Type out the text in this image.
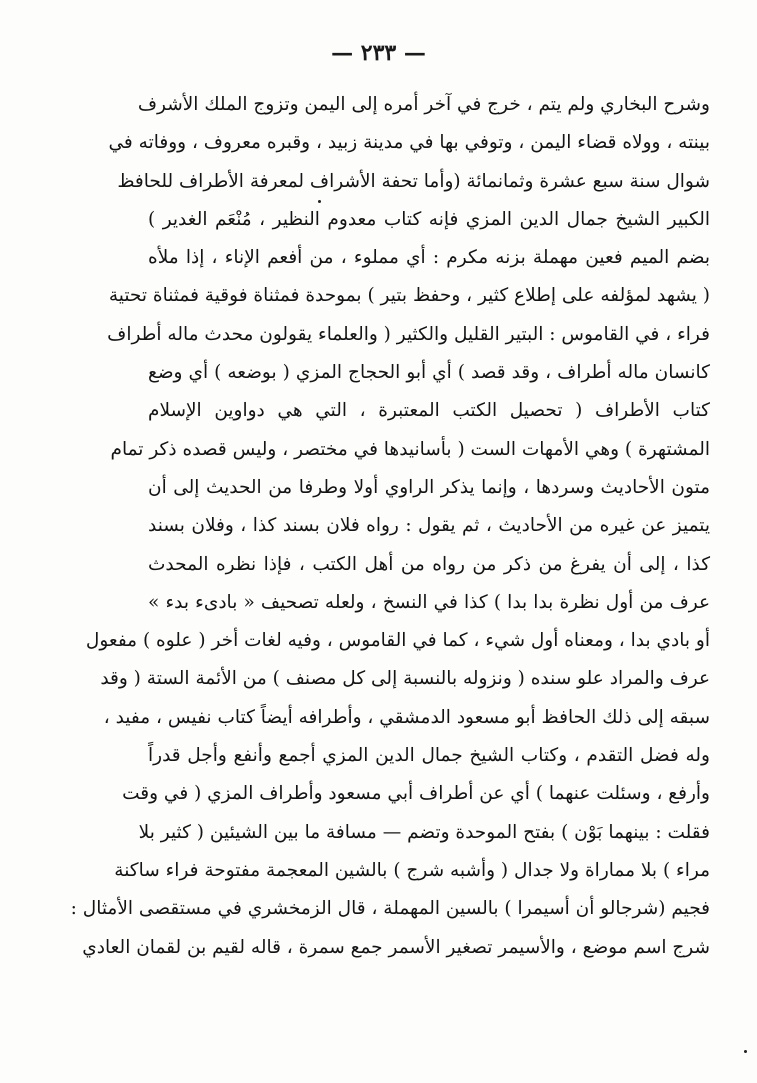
— ٢٣٣ —
وشرح البخاري ولم يتم ، خرج في آخر أمره إلى اليمن وتزوج الملك الأشرف
بينته ، وولاه قضاء اليمن ، وتوفي بها في مدينة زبيد ، وقبره معروف ، ووفاته في
شوال سنة سبع عشرة وثمانمائة (وأما تحفة الأشراف لمعرفة الأطراف للحافظ
الكبير الشيخ جمال الدين المزي فإنه كتاب معدوم النظير ، مُنْعَم الغدير )
بضم الميم فعين مهملة بزنه مكرم : أي مملوء ، من أفعم الإناء ، إذا ملأه
( يشهد لمؤلفه على إطلاع كثير ، وحفظ بتير ) بموحدة فمثناة فوقية فمثناة تحتية
فراء ، في القاموس : البتير القليل والكثير ( والعلماء يقولون محدث ماله أطراف
كانسان ماله أطراف ، وقد قصد ) أي أبو الحجاج المزي ( بوضعه ) أي وضع
كتاب الأطراف ( تحصيل الكتب المعتبرة ، التي هي دواوين الإسلام
المشتهرة ) وهي الأمهات الست ( بأسانيدها في مختصر ، وليس قصده ذكر تمام
متون الأحاديث وسردها ، وإنما يذكر الراوي أولا وطرفا من الحديث إلى أن
يتميز عن غيره من الأحاديث ، ثم يقول : رواه فلان بسند كذا ، وفلان بسند
كذا ، إلى أن يفرغ من ذكر من رواه من أهل الكتب ، فإذا نظره المحدث
عرف من أول نظرة بدا بدا ) كذا في النسخ ، ولعله تصحيف « بادىء بدء »
أو بادي بدا ، ومعناه أول شيء ، كما في القاموس ، وفيه لغات أخر ( علوه ) مفعول
عرف والمراد علو سنده ( ونزوله بالنسبة إلى كل مصنف ) من الأئمة الستة ( وقد
سبقه إلى ذلك الحافظ أبو مسعود الدمشقي ، وأطرافه أيضاً كتاب نفيس ، مفيد ،
وله فضل التقدم ، وكتاب الشيخ جمال الدين المزي أجمع وأنفع وأجل قدراً
وأرفع ، وسئلت عنهما ) أي عن أطراف أبي مسعود وأطراف المزي ( في وقت
فقلت : بينهما بَوْن ) بفتح الموحدة وتضم — مسافة ما بين الشيئين ( كثير بلا
مراء ) بلا مماراة ولا جدال ( وأشبه شرج ) بالشين المعجمة مفتوحة فراء ساكنة
فجيم (شرجالو أن أسيمرا ) بالسين المهملة ، قال الزمخشري في مستقصى الأمثال :
شرج اسم موضع ، والأسيمر تصغير الأسمر جمع سمرة ، قاله لقيم بن لقمان العادي
